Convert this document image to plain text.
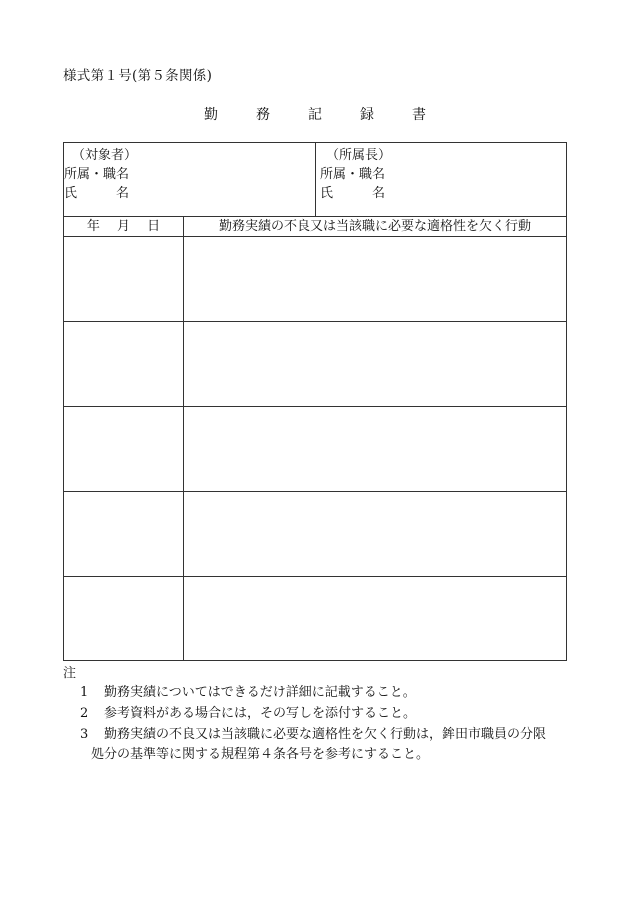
様式第１号(第５条関係)
勤　務　記　録　書
（対象者）
所属・職名
氏　　　名
（所属長）
所属・職名
氏　　　名
年　 月　 日	勤務実績の不良又は当該職に必要な適格性を欠く行動
注
1 勤務実績についてはできるだけ詳細に記載すること。
2 参考資料がある場合には，その写しを添付すること。
3 勤務実績の不良又は当該職に必要な適格性を欠く行動は，鉾田市職員の分限
処分の基準等に関する規程第４条各号を参考にすること。
